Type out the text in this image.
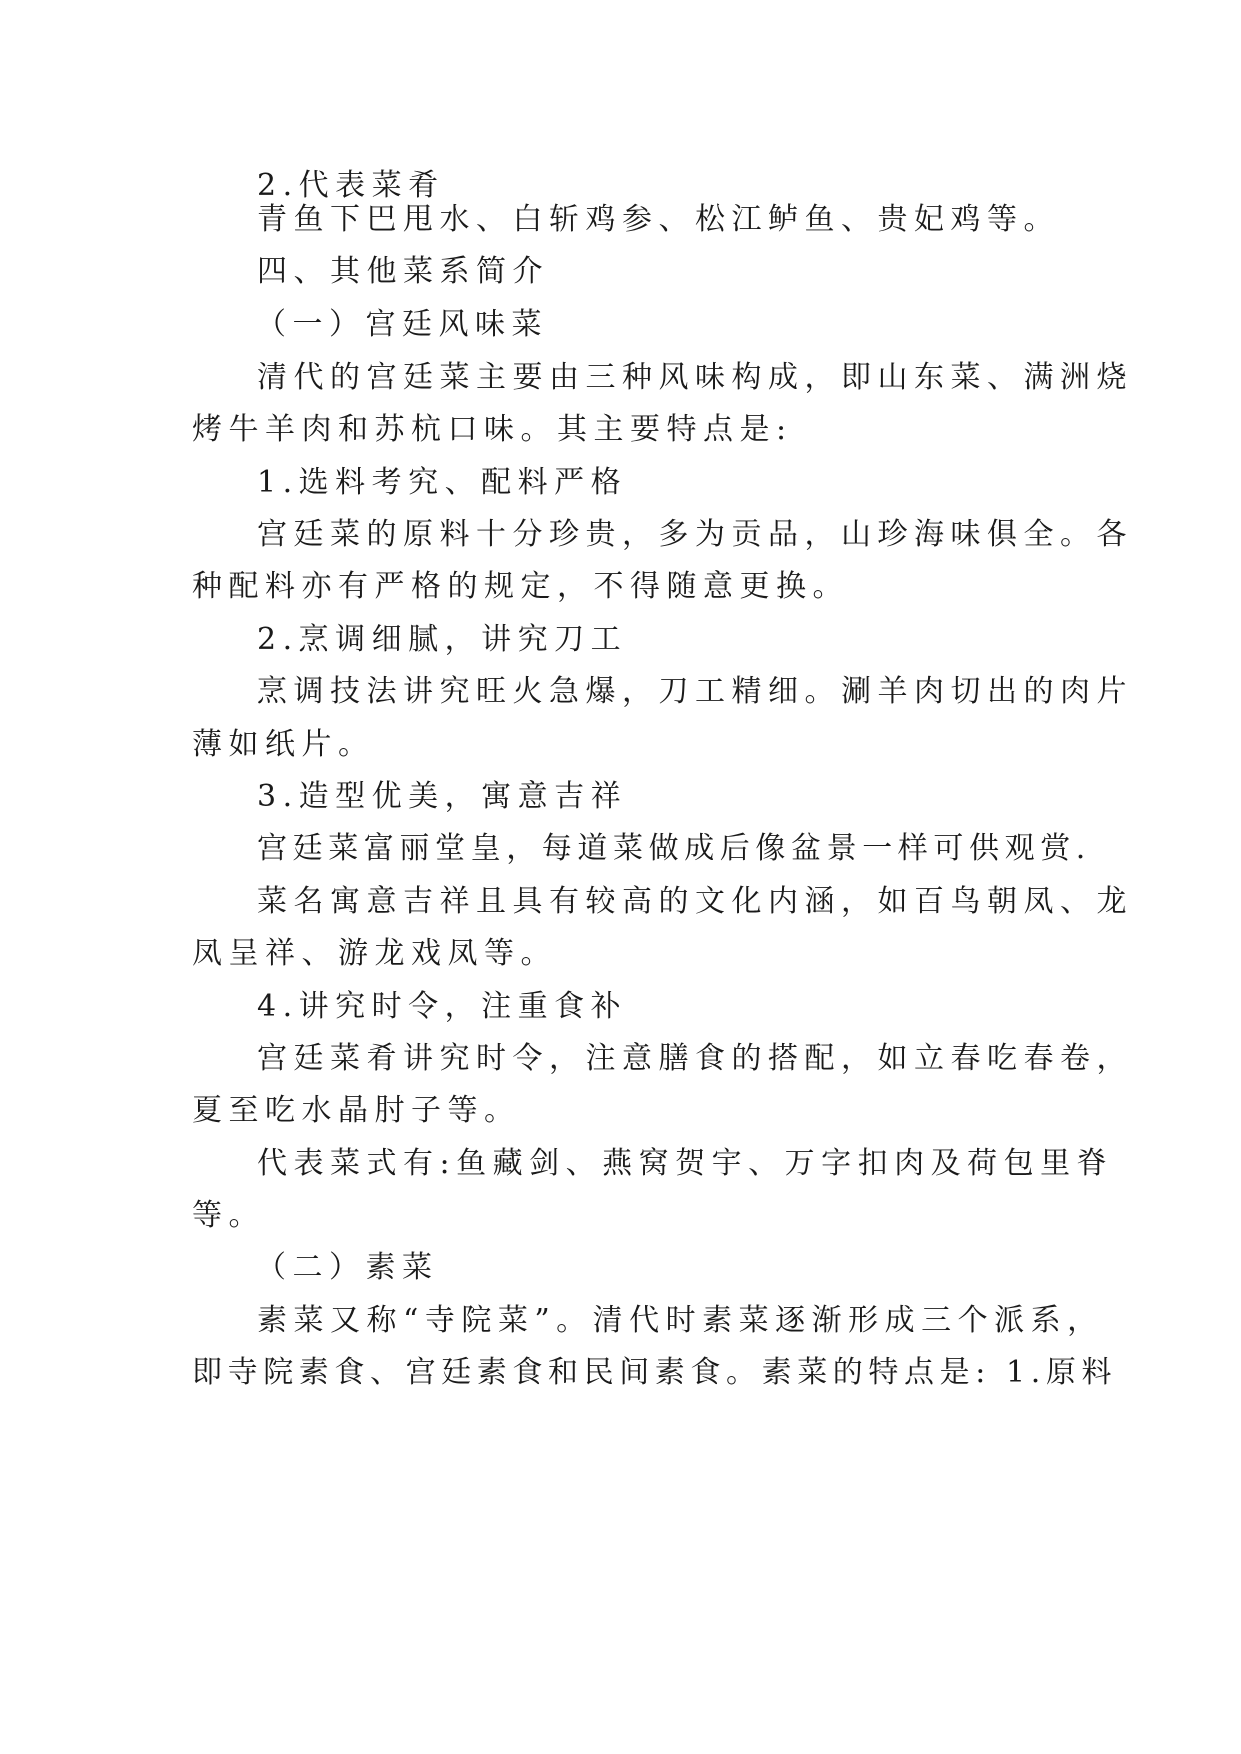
2.代表菜肴
青鱼下巴甩水、白斩鸡参、松江鲈鱼、贵妃鸡等。
四、其他菜系简介
（一）宫廷风味菜
清代的宫廷菜主要由三种风味构成，即山东菜、满洲烧
烤牛羊肉和苏杭口味。其主要特点是:
1.选料考究、配料严格
宫廷菜的原料十分珍贵，多为贡品，山珍海味俱全。各
种配料亦有严格的规定，不得随意更换。
2.烹调细腻，讲究刀工
烹调技法讲究旺火急爆，刀工精细。涮羊肉切出的肉片
薄如纸片。
3.造型优美，寓意吉祥
宫廷菜富丽堂皇，每道菜做成后像盆景一样可供观赏.
菜名寓意吉祥且具有较高的文化内涵，如百鸟朝凤、龙
凤呈祥、游龙戏凤等。
4.讲究时令，注重食补
宫廷菜肴讲究时令，注意膳食的搭配，如立春吃春卷，
夏至吃水晶肘子等。
代表菜式有:鱼藏剑、燕窝贺宇、万字扣肉及荷包里脊
等。
（二）素菜
素菜又称“寺院菜”。清代时素菜逐渐形成三个派系，
即寺院素食、宫廷素食和民间素食。素菜的特点是: 1.原料
